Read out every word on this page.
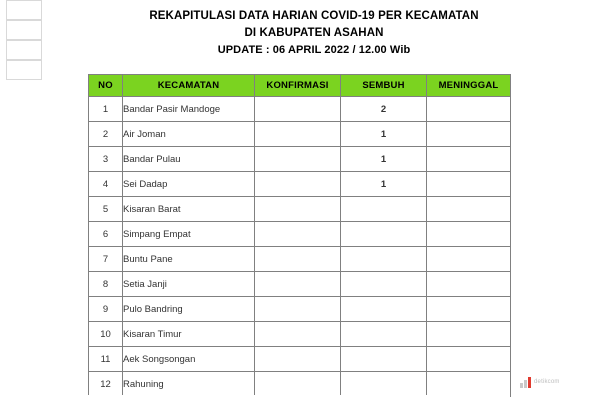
REKAPITULASI DATA HARIAN COVID-19 PER KECAMATAN
DI KABUPATEN ASAHAN
UPDATE : 06 APRIL 2022 / 12.00 Wib
NO	KECAMATAN	KONFIRMASI	SEMBUH	MENINGGAL
1	Bandar Pasir Mandoge		2	
2	Air Joman		1	
3	Bandar Pulau		1	
4	Sei Dadap		1	
5	Kisaran Barat			
6	Simpang Empat			
7	Buntu Pane			
8	Setia Janji			
9	Pulo Bandring			
10	Kisaran Timur			
11	Aek Songsongan			
12	Rahuning				detikcom
